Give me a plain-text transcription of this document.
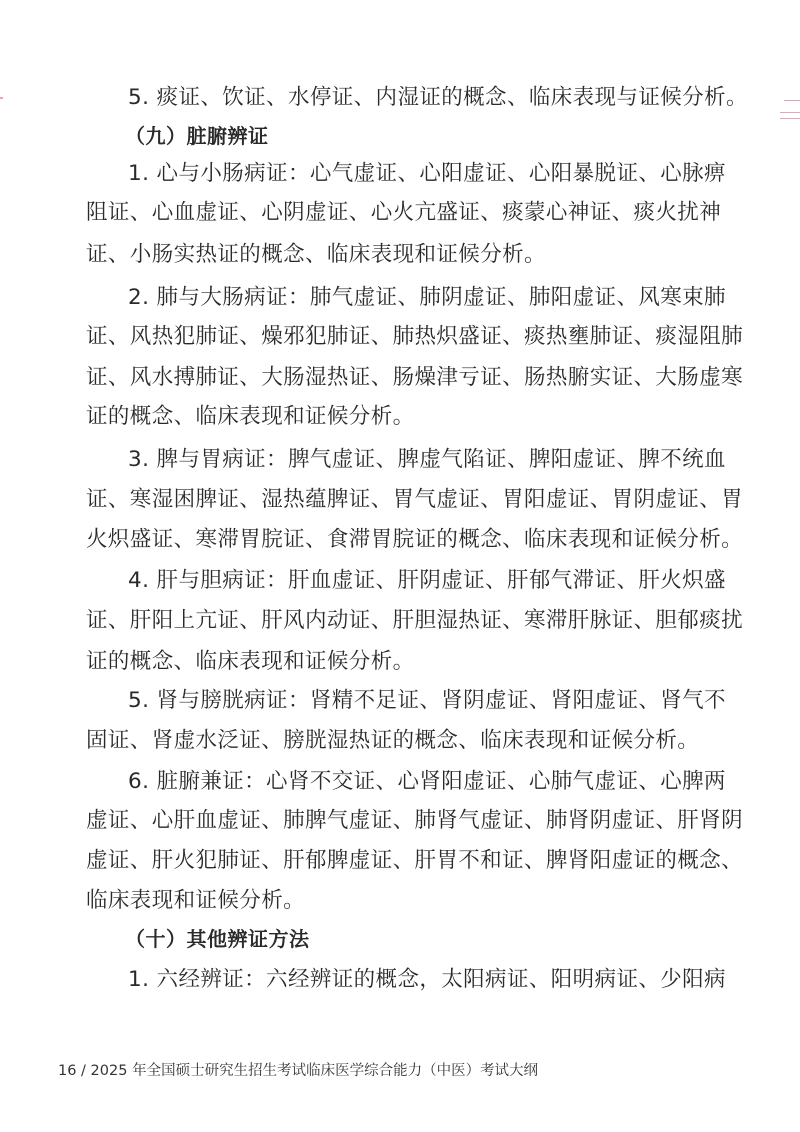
5. 痰证、饮证、水停证、内湿证的概念、临床表现与证候分析。
（九）脏腑辨证
1. 心与小肠病证：心气虚证、心阳虚证、心阳暴脱证、心脉痹
阻证、心血虚证、心阴虚证、心火亢盛证、痰蒙心神证、痰火扰神
证、小肠实热证的概念、临床表现和证候分析。
2. 肺与大肠病证：肺气虚证、肺阴虚证、肺阳虚证、风寒束肺
证、风热犯肺证、燥邪犯肺证、肺热炽盛证、痰热壅肺证、痰湿阻肺
证、风水搏肺证、大肠湿热证、肠燥津亏证、肠热腑实证、大肠虚寒
证的概念、临床表现和证候分析。
3. 脾与胃病证：脾气虚证、脾虚气陷证、脾阳虚证、脾不统血
证、寒湿困脾证、湿热蕴脾证、胃气虚证、胃阳虚证、胃阴虚证、胃
火炽盛证、寒滞胃脘证、食滞胃脘证的概念、临床表现和证候分析。
4. 肝与胆病证：肝血虚证、肝阴虚证、肝郁气滞证、肝火炽盛
证、肝阳上亢证、肝风内动证、肝胆湿热证、寒滞肝脉证、胆郁痰扰
证的概念、临床表现和证候分析。
5. 肾与膀胱病证：肾精不足证、肾阴虚证、肾阳虚证、肾气不
固证、肾虚水泛证、膀胱湿热证的概念、临床表现和证候分析。
6. 脏腑兼证：心肾不交证、心肾阳虚证、心肺气虚证、心脾两
虚证、心肝血虚证、肺脾气虚证、肺肾气虚证、肺肾阴虚证、肝肾阴
虚证、肝火犯肺证、肝郁脾虚证、肝胃不和证、脾肾阳虚证的概念、
临床表现和证候分析。
（十）其他辨证方法
1. 六经辨证：六经辨证的概念，太阳病证、阳明病证、少阳病
16 / 2025 年全国硕士研究生招生考试临床医学综合能力（中医）考试大纲
